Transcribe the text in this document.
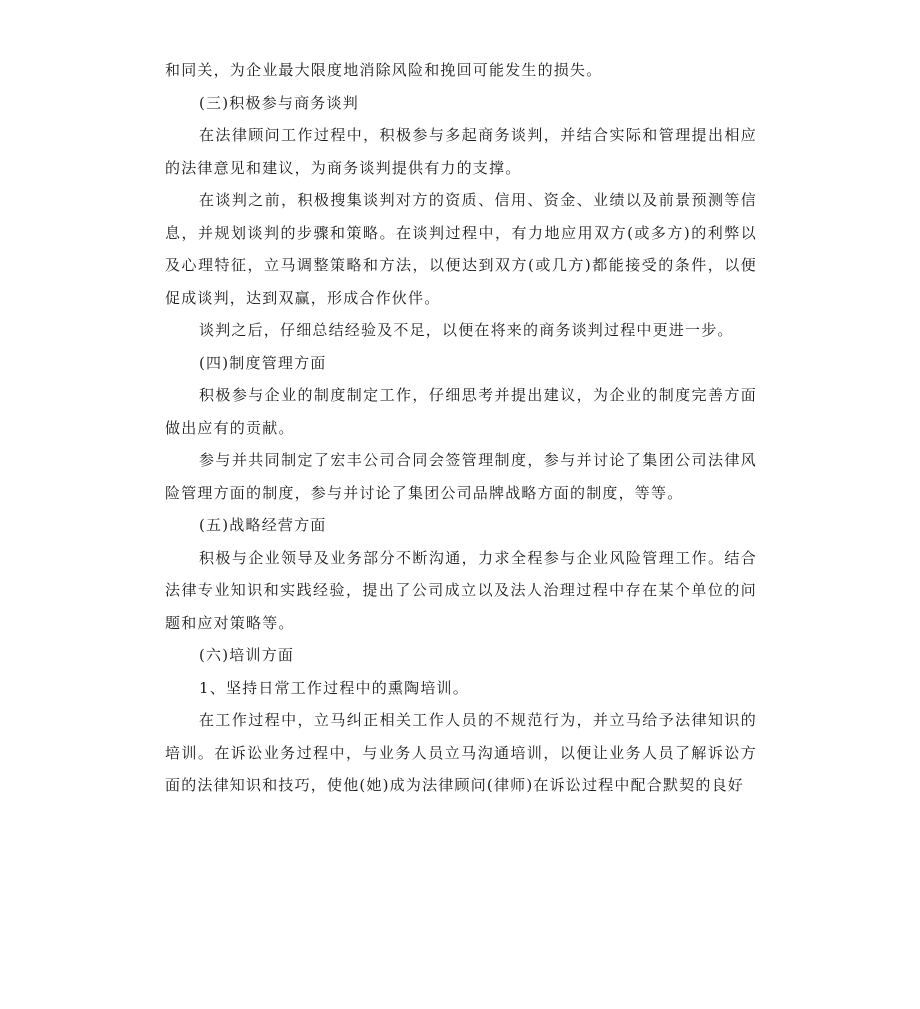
和同关，为企业最大限度地消除风险和挽回可能发生的损失。

(三)积极参与商务谈判

在法律顾问工作过程中，积极参与多起商务谈判，并结合实际和管理提出相应的法律意见和建议，为商务谈判提供有力的支撑。

在谈判之前，积极搜集谈判对方的资质、信用、资金、业绩以及前景预测等信息，并规划谈判的步骤和策略。在谈判过程中，有力地应用双方(或多方)的利弊以及心理特征，立马调整策略和方法，以便达到双方(或几方)都能接受的条件，以便促成谈判，达到双赢，形成合作伙伴。

谈判之后，仔细总结经验及不足，以便在将来的商务谈判过程中更进一步。

(四)制度管理方面

积极参与企业的制度制定工作，仔细思考并提出建议，为企业的制度完善方面做出应有的贡献。

参与并共同制定了宏丰公司合同会签管理制度，参与并讨论了集团公司法律风险管理方面的制度，参与并讨论了集团公司品牌战略方面的制度，等等。

(五)战略经营方面

积极与企业领导及业务部分不断沟通，力求全程参与企业风险管理工作。结合法律专业知识和实践经验，提出了公司成立以及法人治理过程中存在某个单位的问题和应对策略等。

(六)培训方面

1、坚持日常工作过程中的熏陶培训。

在工作过程中，立马纠正相关工作人员的不规范行为，并立马给予法律知识的培训。在诉讼业务过程中，与业务人员立马沟通培训，以便让业务人员了解诉讼方面的法律知识和技巧，使他(她)成为法律顾问(律师)在诉讼过程中配合默契的良好
